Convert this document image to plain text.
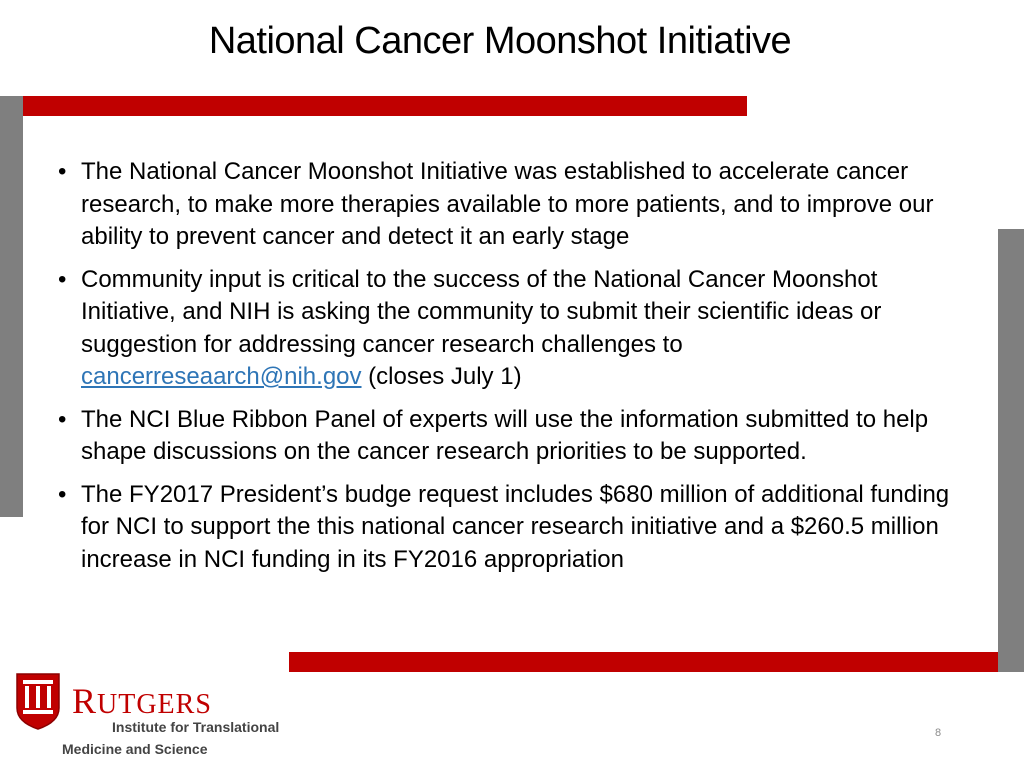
National Cancer Moonshot Initiative
• The National Cancer Moonshot Initiative was established to accelerate cancer research, to make more therapies available to more patients, and to improve our ability to prevent cancer and detect it an early stage
• Community input is critical to the success of the National Cancer Moonshot Initiative, and NIH is asking the community to submit their scientific ideas or suggestion for addressing cancer research challenges to cancerreseaarch@nih.gov (closes July 1)
• The NCI Blue Ribbon Panel of experts will use the information submitted to help shape discussions on the cancer research priorities to be supported.
• The FY2017 President’s budge request includes $680 million of additional funding for NCI to support the this national cancer research initiative and a $260.5 million increase in NCI funding in its FY2016 appropriation
RUTGERS
Institute for Translational
Medicine and Science
8
